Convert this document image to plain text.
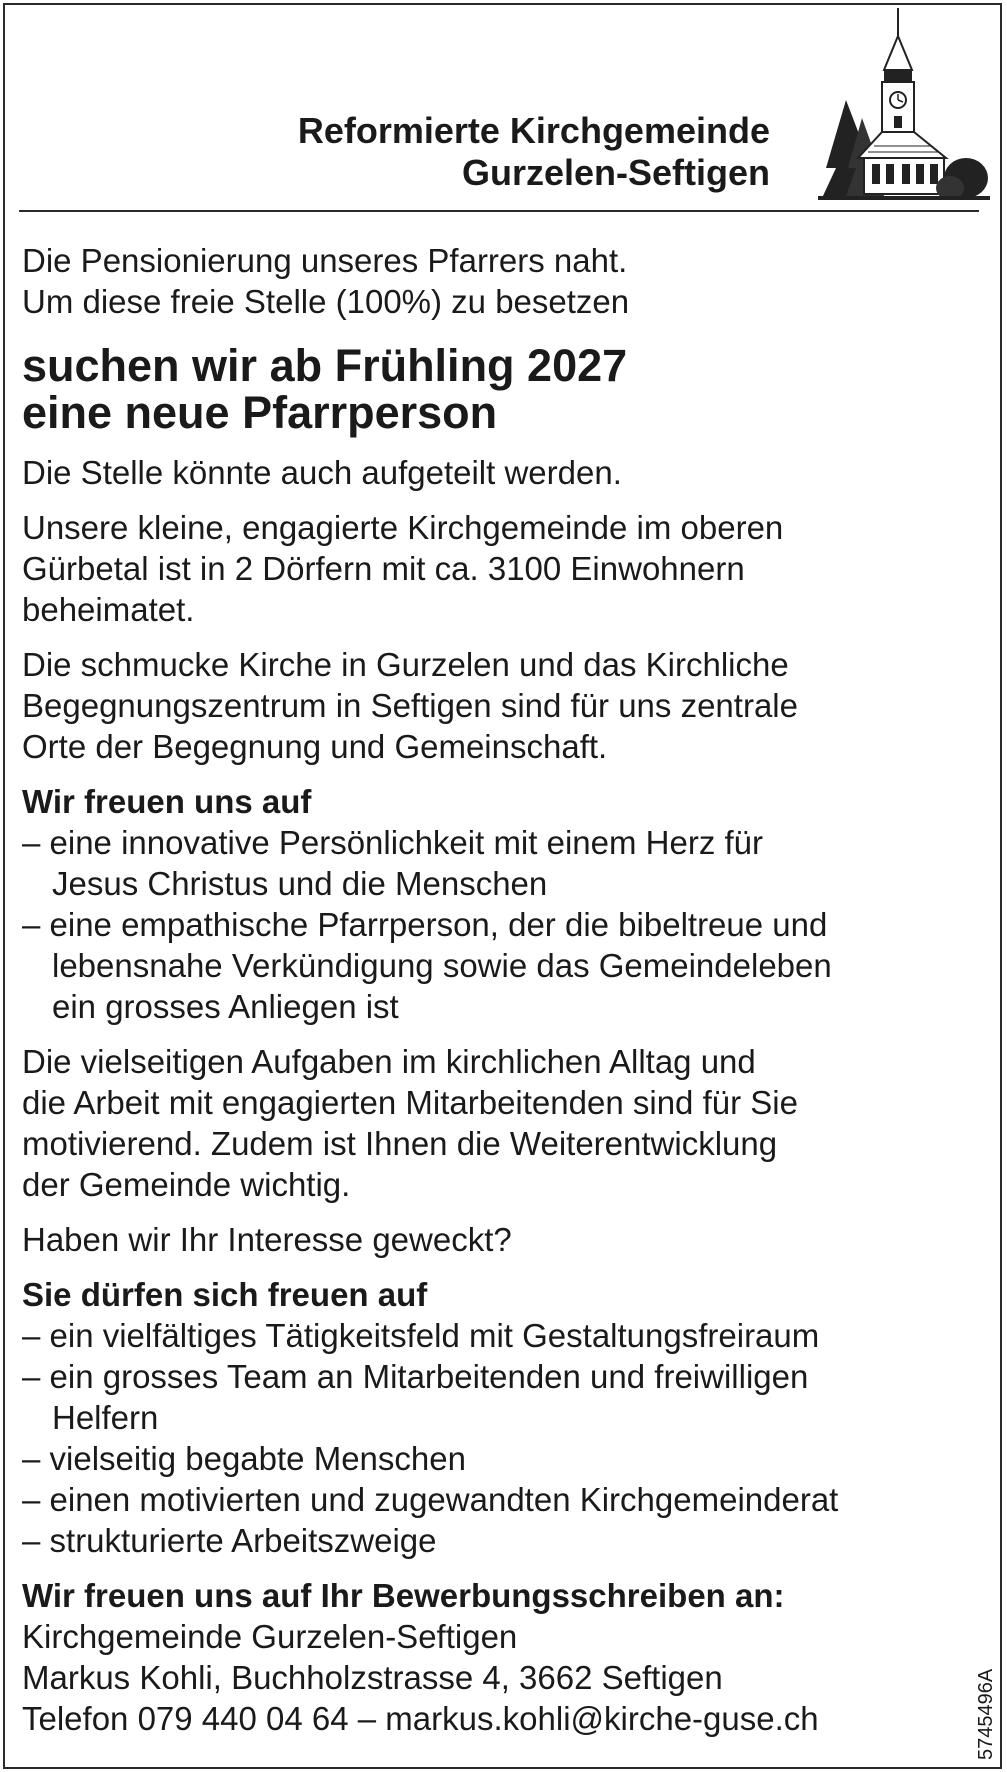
Reformierte Kirchgemeinde
Gurzelen-Seftigen

Die Pensionierung unseres Pfarrers naht.

Um diese freie Stelle (100%) zu besetzen

suchen wir ab Frühling 2027
eine neue Pfarrperson

Die Stelle könnte auch aufgeteilt werden.

Unsere kleine, engagierte Kirchgemeinde im oberen

Gürbetal ist in 2 Dörfern mit ca. 3100 Einwohnern

beheimatet.

Die schmucke Kirche in Gurzelen und das Kirchliche

Begegnungszentrum in Seftigen sind für uns zentrale

Orte der Begegnung und Gemeinschaft.

Wir freuen uns auf

– eine innovative Persönlichkeit mit einem Herz für

Jesus Christus und die Menschen

– eine empathische Pfarrperson, der die bibeltreue und

lebensnahe Verkündigung sowie das Gemeindeleben

ein grosses Anliegen ist

Die vielseitigen Aufgaben im kirchlichen Alltag und

die Arbeit mit engagierten Mitarbeitenden sind für Sie

motivierend. Zudem ist Ihnen die Weiterentwicklung

der Gemeinde wichtig.

Haben wir Ihr Interesse geweckt?

Sie dürfen sich freuen auf

– ein vielfältiges Tätigkeitsfeld mit Gestaltungsfreiraum

– ein grosses Team an Mitarbeitenden und freiwilligen

Helfern

– vielseitig begabte Menschen

– einen motivierten und zugewandten Kirchgemeinderat

– strukturierte Arbeitszweige

Wir freuen uns auf Ihr Bewerbungsschreiben an:

Kirchgemeinde Gurzelen-Seftigen

Markus Kohli, Buchholzstrasse 4, 3662 Seftigen

Telefon 079 440 04 64 – markus.kohli@kirche-guse.ch	5745496A
